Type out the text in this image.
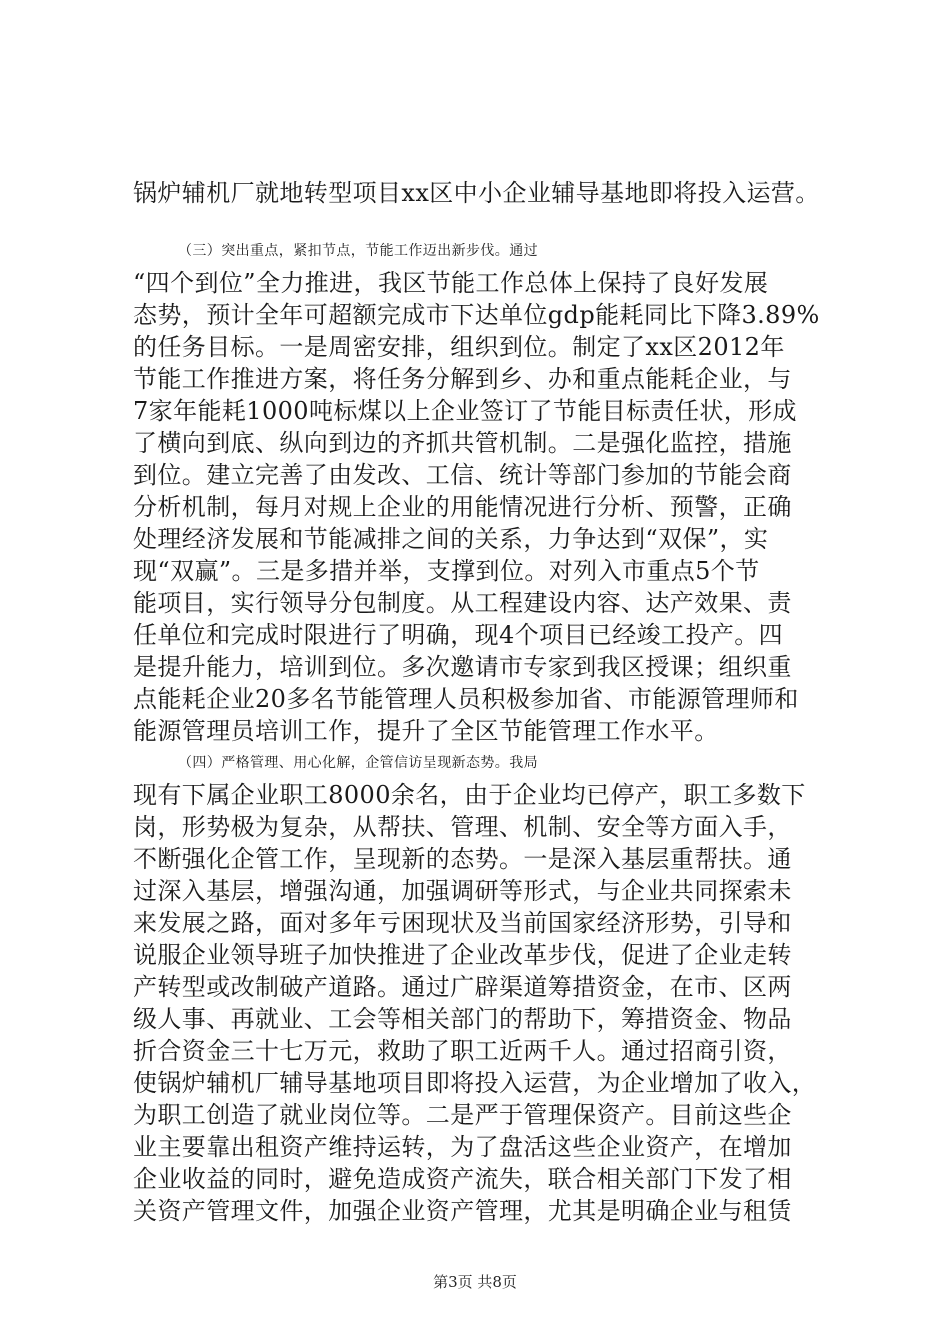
锅炉辅机厂就地转型项目xx区中小企业辅导基地即将投入运营。
（三）突出重点，紧扣节点，节能工作迈出新步伐。通过
“四个到位”全力推进，我区节能工作总体上保持了良好发展
态势，预计全年可超额完成市下达单位gdp能耗同比下降3.89%
的任务目标。一是周密安排，组织到位。制定了xx区2012年
节能工作推进方案，将任务分解到乡、办和重点能耗企业，与
7家年能耗1000吨标煤以上企业签订了节能目标责任状，形成
了横向到底、纵向到边的齐抓共管机制。二是强化监控，措施
到位。建立完善了由发改、工信、统计等部门参加的节能会商
分析机制，每月对规上企业的用能情况进行分析、预警，正确
处理经济发展和节能减排之间的关系，力争达到“双保”，实
现“双赢”。三是多措并举，支撑到位。对列入市重点5个节
能项目，实行领导分包制度。从工程建设内容、达产效果、责
任单位和完成时限进行了明确，现4个项目已经竣工投产。四
是提升能力，培训到位。多次邀请市专家到我区授课；组织重
点能耗企业20多名节能管理人员积极参加省、市能源管理师和
能源管理员培训工作，提升了全区节能管理工作水平。
（四）严格管理、用心化解，企管信访呈现新态势。我局
现有下属企业职工8000余名，由于企业均已停产，职工多数下
岗，形势极为复杂，从帮扶、管理、机制、安全等方面入手，
不断强化企管工作，呈现新的态势。一是深入基层重帮扶。通
过深入基层，增强沟通，加强调研等形式，与企业共同探索未
来发展之路，面对多年亏困现状及当前国家经济形势，引导和
说服企业领导班子加快推进了企业改革步伐，促进了企业走转
产转型或改制破产道路。通过广辟渠道筹措资金，在市、区两
级人事、再就业、工会等相关部门的帮助下，筹措资金、物品
折合资金三十七万元，救助了职工近两千人。通过招商引资，
使锅炉辅机厂辅导基地项目即将投入运营，为企业增加了收入，
为职工创造了就业岗位等。二是严于管理保资产。目前这些企
业主要靠出租资产维持运转，为了盘活这些企业资产，在增加
企业收益的同时，避免造成资产流失，联合相关部门下发了相
关资产管理文件，加强企业资产管理，尤其是明确企业与租赁
第3页 共8页
